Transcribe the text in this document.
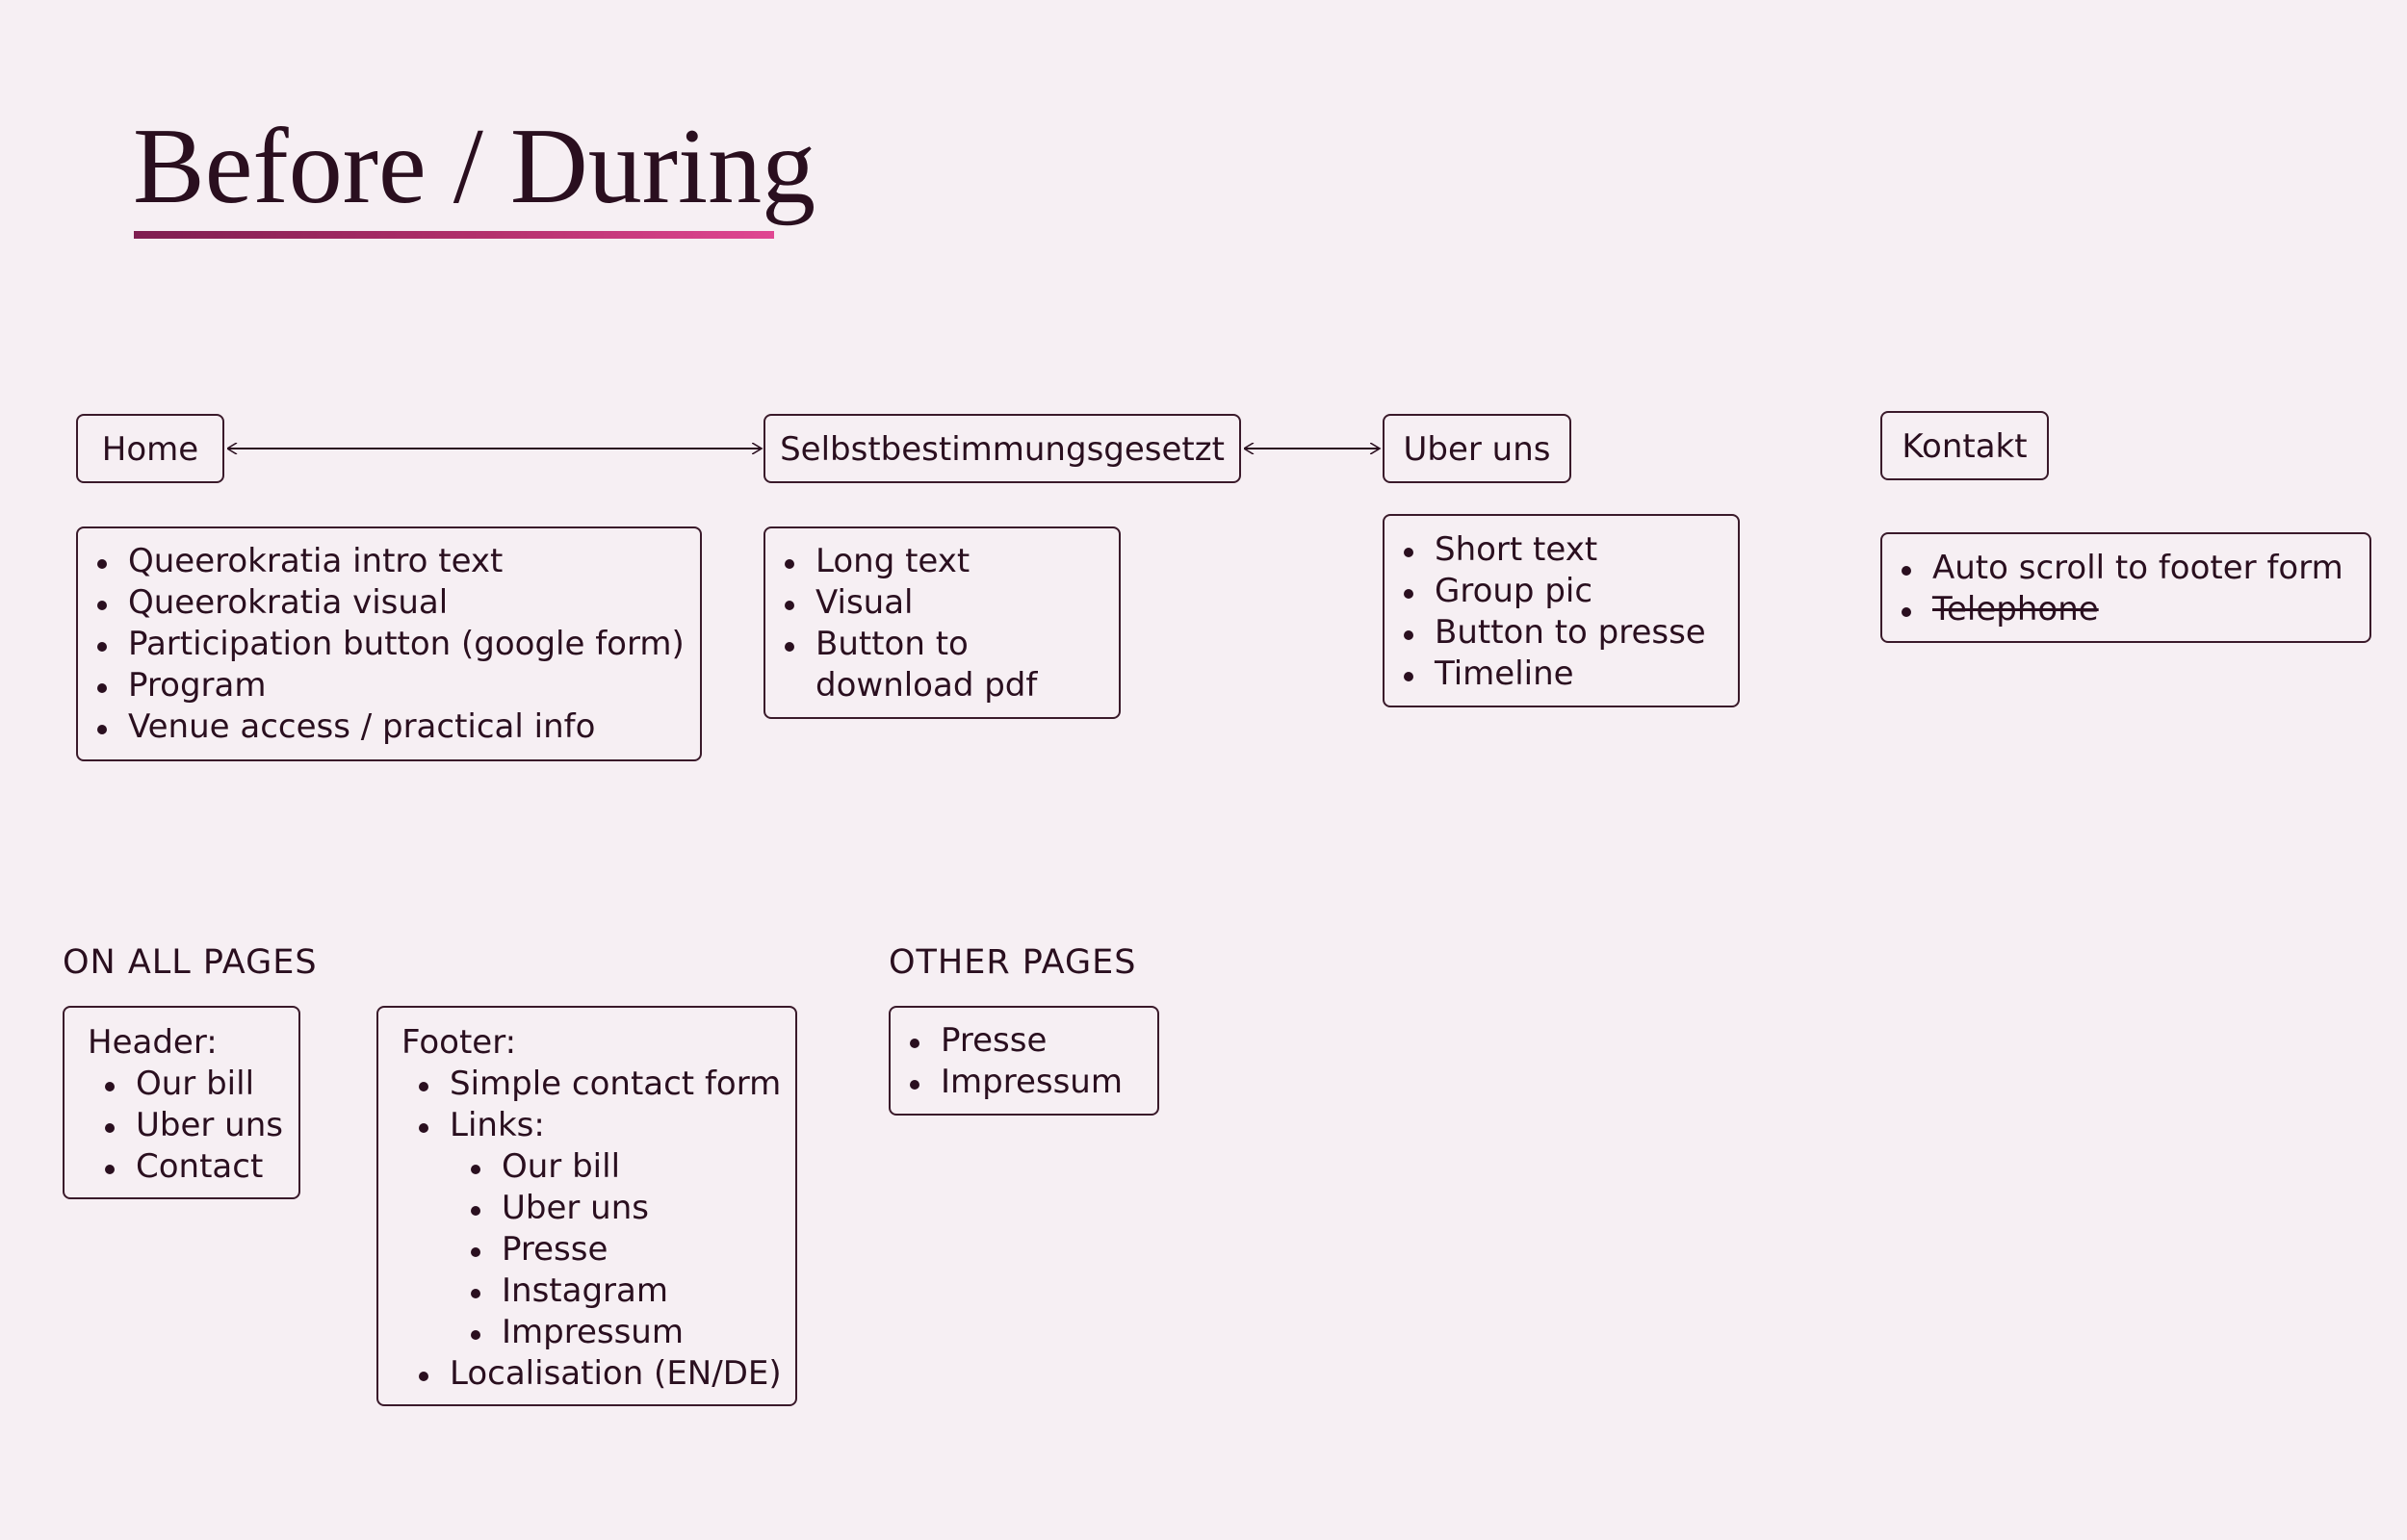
Before / During
Home	Selbstbestimmungsgesetzt	Uber uns	Kontakt
Queerokratia intro text
Queerokratia visual
Participation button (google form)
Program
Venue access / practical info
Long text
Visual
Button to download pdf
Short text
Group pic
Button to presse
Timeline
Auto scroll to footer form
Telephone
ON ALL PAGES
Header:
Our bill
Uber uns
Contact
Footer:
Simple contact form
Links:
Our bill
Uber uns
Presse
Instagram
Impressum
Localisation (EN/DE)
OTHER PAGES
Presse
Impressum
